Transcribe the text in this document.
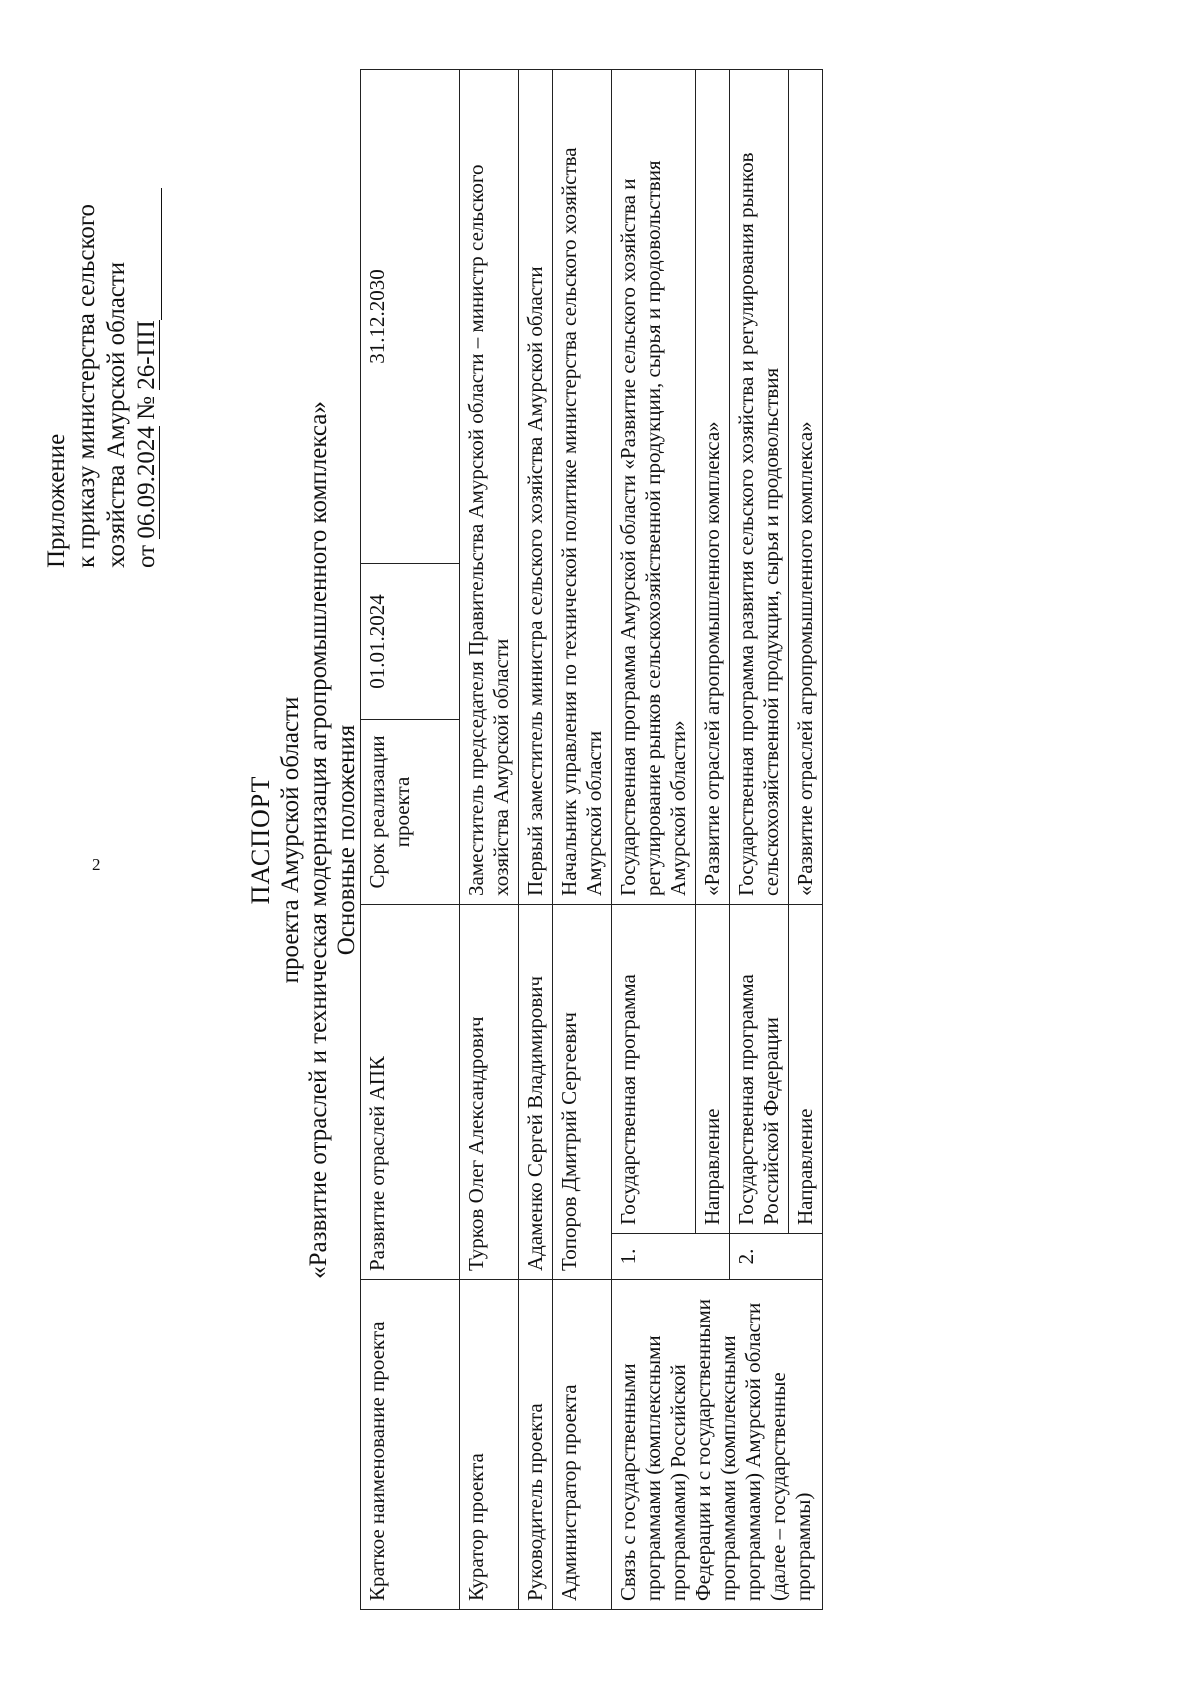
2
Приложение к приказу министерства сельского хозяйства Амурской области от 06.09.2024 № 26-ПП
ПАСПОРТ проекта Амурской области «Развитие отраслей и техническая модернизация агропромышленного комплекса» Основные положения
Краткое наименование проекта	Развитие отраслей АПК		Срок реализации проекта	01.01.2024	31.12.2030
Куратор проекта	Турков Олег Александрович		Заместитель председателя Правительства Амурской области – министр сельского хозяйства Амурской области		
Руководитель проекта	Адаменко Сергей Владимирович		Первый заместитель министра сельского хозяйства Амурской области		
Администратор проекта	Топоров Дмитрий Сергеевич		Начальник управления по технической политике министерства сельского хозяйства Амурской области		
Связь с государственными программами (комплексными программами) Российской Федерации и с государственными программами (комплексными программами) Амурской области (далее – государственные программы)	1.	Государственная программа	Государственная программа Амурской области «Развитие сельского хозяйства и регулирование рынков сельскохозяйственной продукции, сырья и продовольствия Амурской области»		
		Направление	«Развитие отраслей агропромышленного комплекса»		
	2.	Государственная программа Российской Федерации	Государственная программа развития сельского хозяйства и регулирования рынков сельскохозяйственной продукции, сырья и продовольствия		
		Направление	«Развитие отраслей агропромышленного комплекса»		
